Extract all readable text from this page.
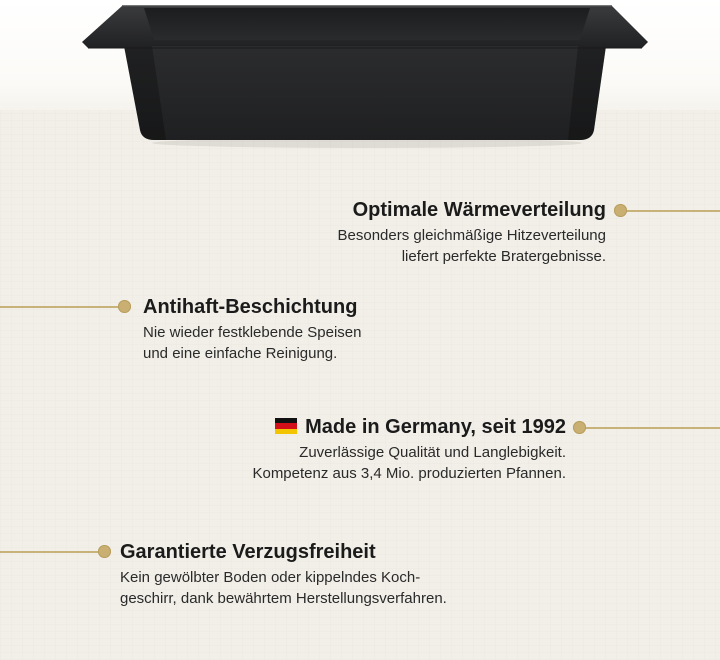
Optimale Wärmeverteilung

Besonders gleichmäßige Hitzeverteilung

liefert perfekte Bratergebnisse.

Antihaft-Beschichtung

Nie wieder festklebende Speisen

und eine einfache Reinigung.

Made in Germany, seit 1992

Zuverlässige Qualität und Langlebigkeit.

Kompetenz aus 3,4 Mio. produzierten Pfannen.

Garantierte Verzugsfreiheit

Kein gewölbter Boden oder kippelndes Koch-

geschirr, dank bewährtem Herstellungsverfahren.
